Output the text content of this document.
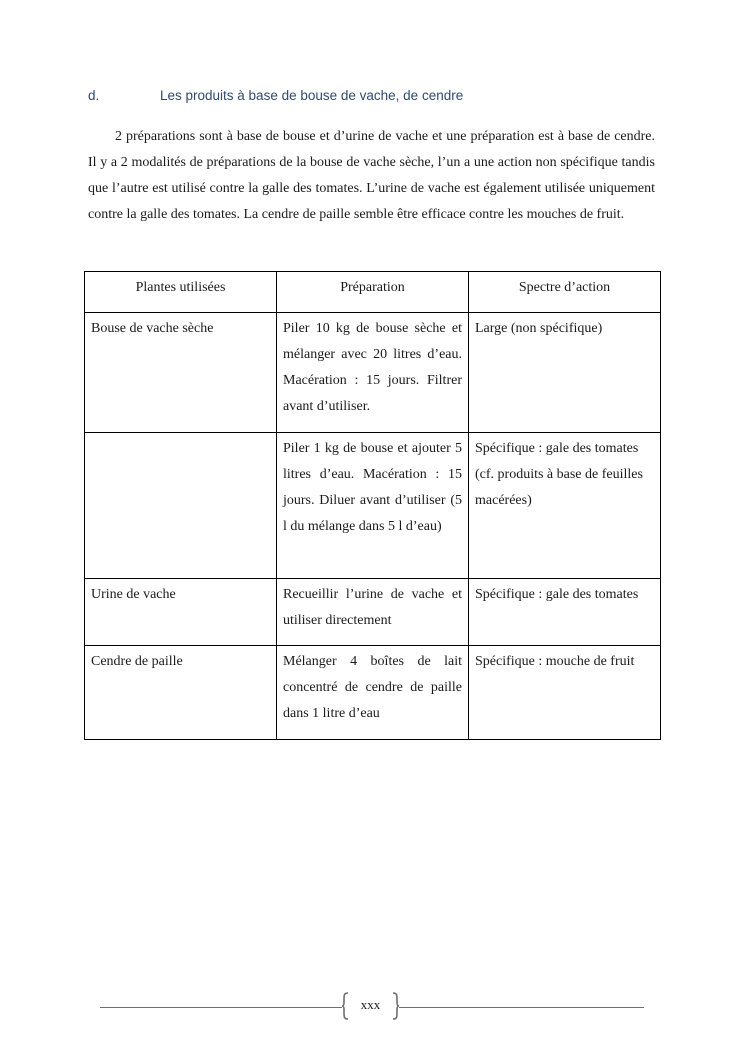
d.	Les produits à base de bouse de vache, de cendre

2 préparations sont à base de bouse et d’urine de vache et une préparation est à base de cendre. Il y a 2 modalités de préparations de la bouse de vache sèche, l’un a une action non spécifique tandis que l’autre est utilisé contre la galle des tomates. L’urine de vache est également utilisée uniquement contre la galle des tomates. La cendre de paille semble être efficace contre les mouches de fruit.

Plantes utilisées	Préparation	Spectre d’action
Bouse de vache sèche	Piler 10 kg de bouse sèche et mélanger avec 20 litres d’eau. Macération : 15 jours. Filtrer avant d’utiliser.	Large (non spécifique)
	Piler 1 kg de bouse et ajouter 5 litres d’eau. Macération : 15 jours. Diluer avant d’utiliser (5 l du mélange dans 5 l d’eau)	Spécifique : gale des tomates (cf. produits à base de feuilles macérées)
Urine de vache	Recueillir l’urine de vache et utiliser directement	Spécifique : gale des tomates
Cendre de paille	Mélanger 4 boîtes de lait concentré de cendre de paille dans 1 litre d’eau	Spécifique : mouche de fruit
xxx
